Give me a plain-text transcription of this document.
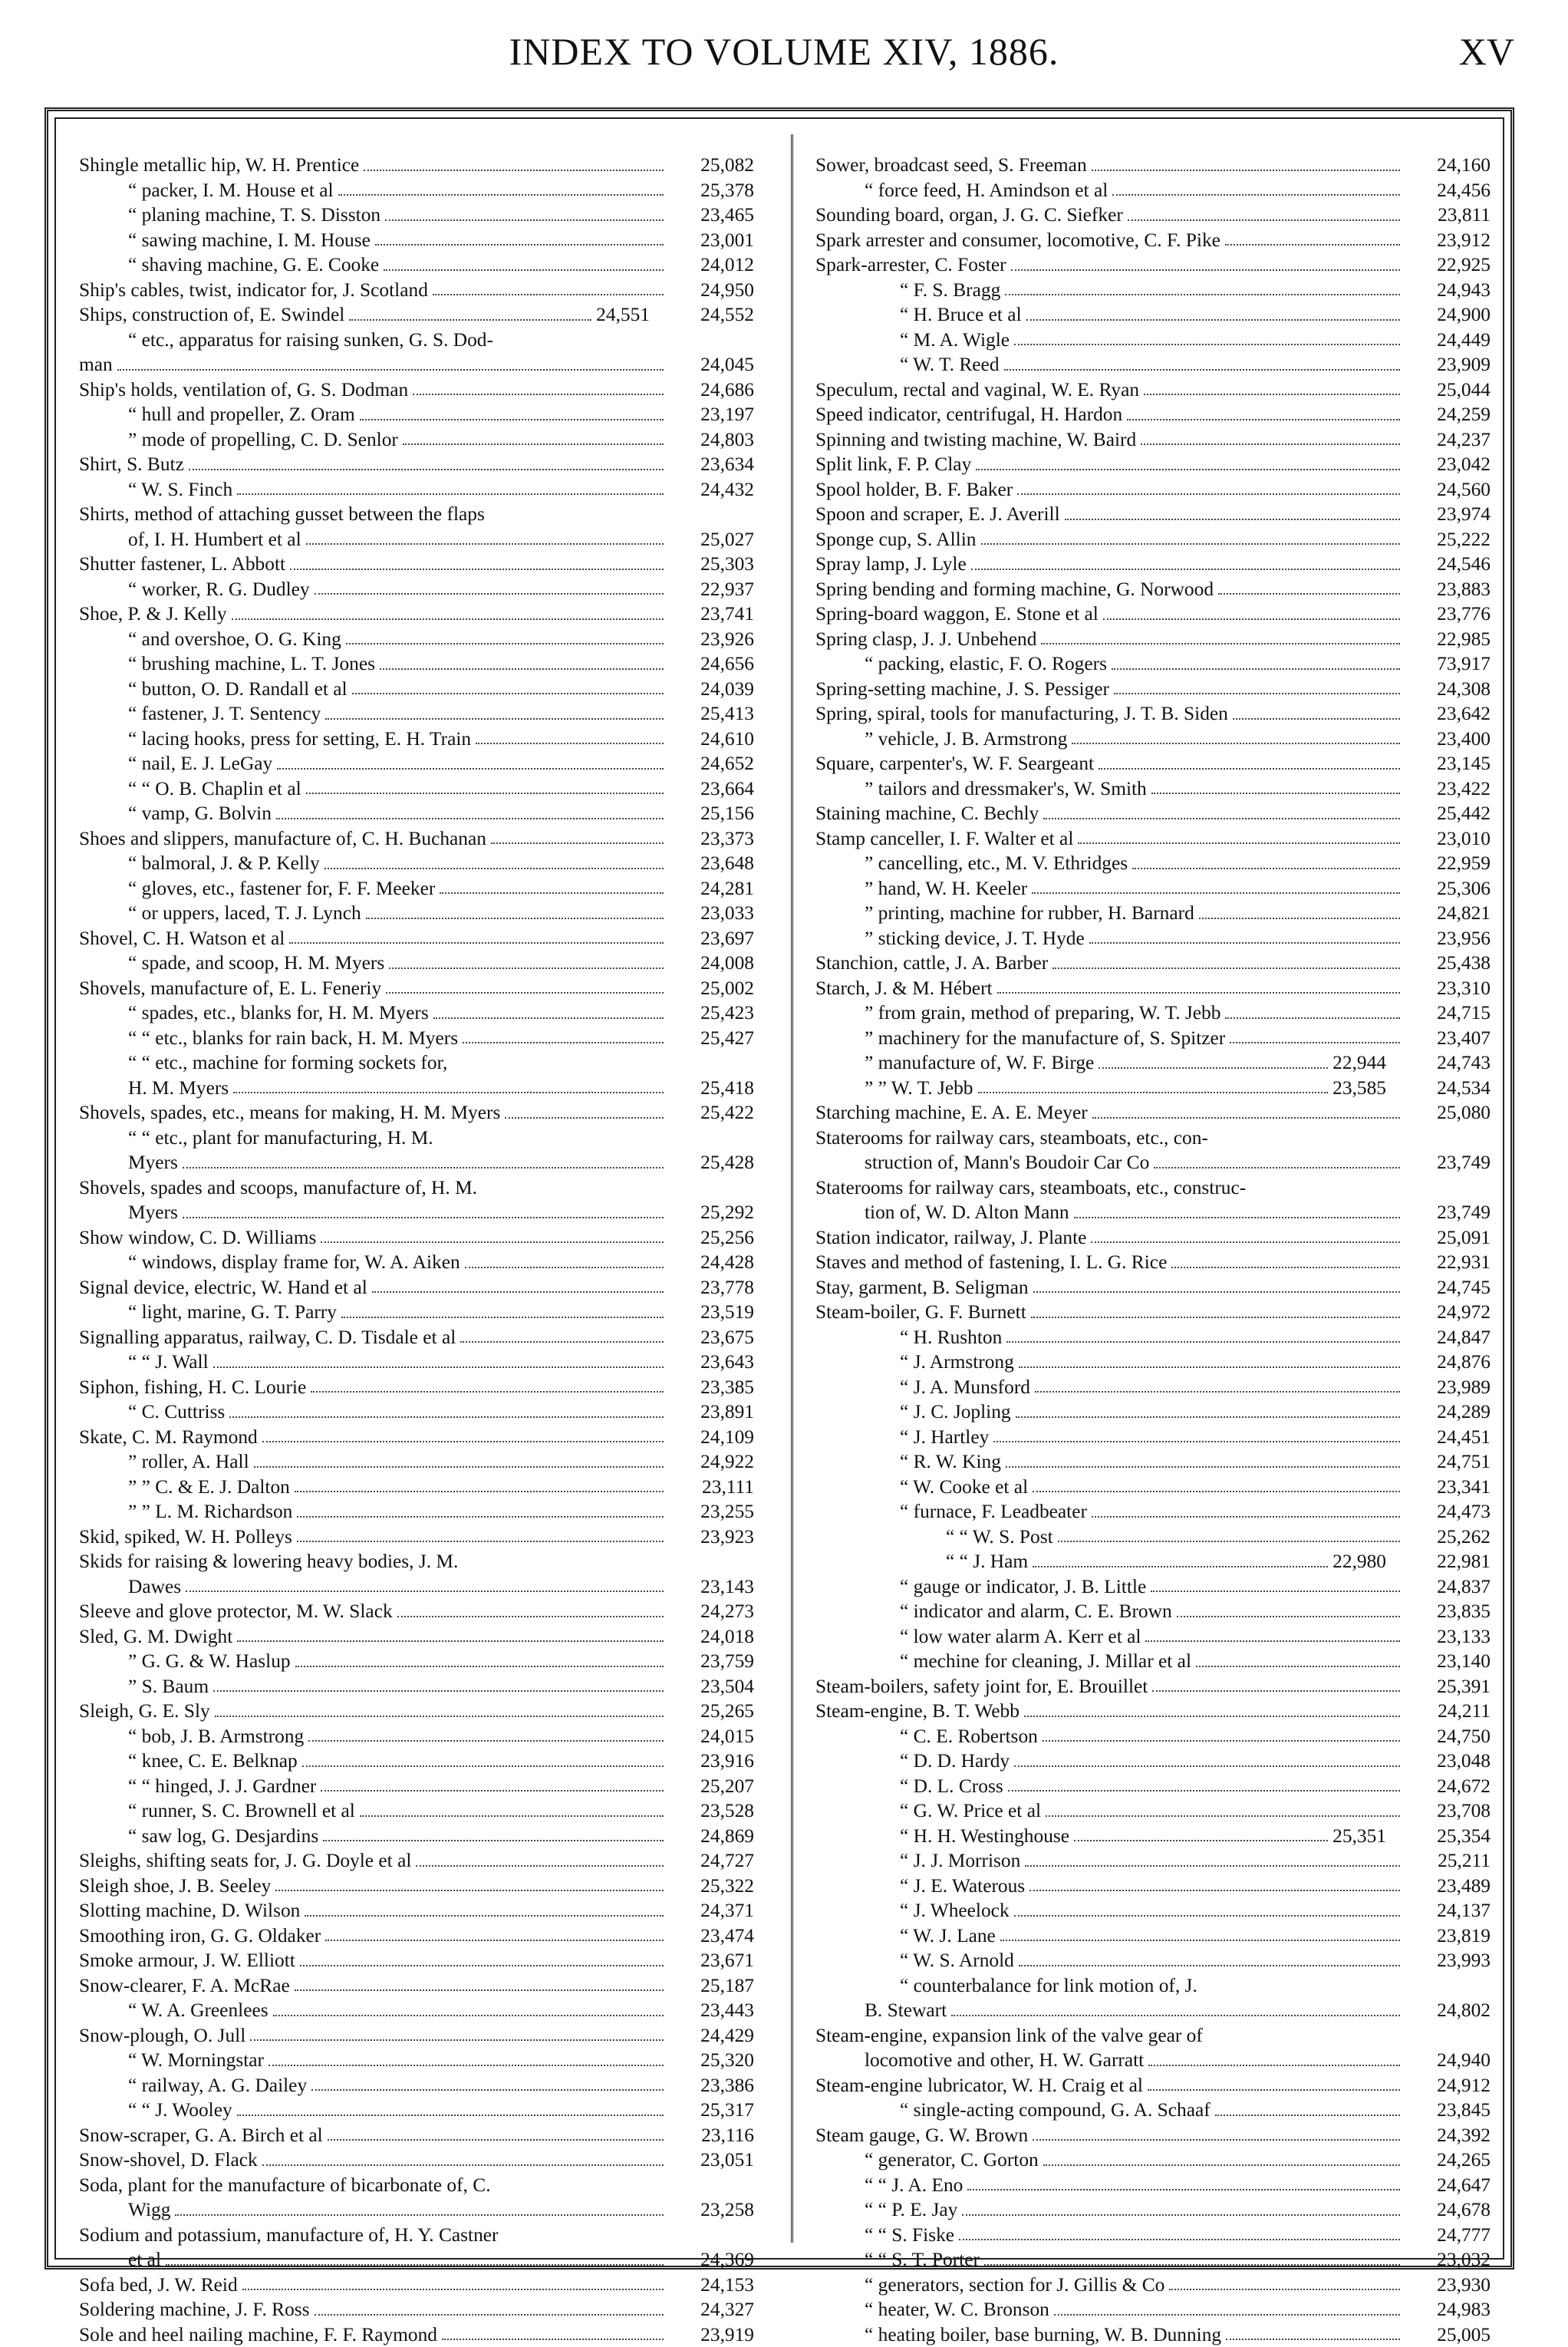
INDEX TO VOLUME XIV, 1886.	XV
Shingle metallic hip, W. H. Prentice	25,082
“ packer, I. M. House et al	25,378
“ planing machine, T. S. Disston	23,465
“ sawing machine, I. M. House	23,001
“ shaving machine, G. E. Cooke	24,012
Ship's cables, twist, indicator for, J. Scotland	24,950
Ships, construction of, E. Swindel	24,551	24,552
“ etc., apparatus for raising sunken, G. S. Dod-
man	24,045
Ship's holds, ventilation of, G. S. Dodman	24,686
“ hull and propeller, Z. Oram	23,197
” mode of propelling, C. D. Senlor	24,803
Shirt, S. Butz	23,634
“ W. S. Finch	24,432
Shirts, method of attaching gusset between the flaps
of, I. H. Humbert et al	25,027
Shutter fastener, L. Abbott	25,303
“ worker, R. G. Dudley	22,937
Shoe, P. & J. Kelly	23,741
“ and overshoe, O. G. King	23,926
“ brushing machine, L. T. Jones	24,656
“ button, O. D. Randall et al	24,039
“ fastener, J. T. Sentency	25,413
“ lacing hooks, press for setting, E. H. Train	24,610
“ nail, E. J. LeGay	24,652
“ “ O. B. Chaplin et al	23,664
“ vamp, G. Bolvin	25,156
Shoes and slippers, manufacture of, C. H. Buchanan	23,373
“ balmoral, J. & P. Kelly	23,648
“ gloves, etc., fastener for, F. F. Meeker	24,281
“ or uppers, laced, T. J. Lynch	23,033
Shovel, C. H. Watson et al	23,697
“ spade, and scoop, H. M. Myers	24,008
Shovels, manufacture of, E. L. Feneriy	25,002
“ spades, etc., blanks for, H. M. Myers	25,423
“ “ etc., blanks for rain back, H. M. Myers	25,427
“ “ etc., machine for forming sockets for,
H. M. Myers	25,418
Shovels, spades, etc., means for making, H. M. Myers	25,422
“ “ etc., plant for manufacturing, H. M.
Myers	25,428
Shovels, spades and scoops, manufacture of, H. M.
Myers	25,292
Show window, C. D. Williams	25,256
“ windows, display frame for, W. A. Aiken	24,428
Signal device, electric, W. Hand et al	23,778
“ light, marine, G. T. Parry	23,519
Signalling apparatus, railway, C. D. Tisdale et al	23,675
“ “ J. Wall	23,643
Siphon, fishing, H. C. Lourie	23,385
“ C. Cuttriss	23,891
Skate, C. M. Raymond	24,109
” roller, A. Hall	24,922
” ” C. & E. J. Dalton	23,111
” ” L. M. Richardson	23,255
Skid, spiked, W. H. Polleys	23,923
Skids for raising & lowering heavy bodies, J. M.
Dawes	23,143
Sleeve and glove protector, M. W. Slack	24,273
Sled, G. M. Dwight	24,018
” G. G. & W. Haslup	23,759
” S. Baum	23,504
Sleigh, G. E. Sly	25,265
“ bob, J. B. Armstrong	24,015
“ knee, C. E. Belknap	23,916
“ “ hinged, J. J. Gardner	25,207
“ runner, S. C. Brownell et al	23,528
“ saw log, G. Desjardins	24,869
Sleighs, shifting seats for, J. G. Doyle et al	24,727
Sleigh shoe, J. B. Seeley	25,322
Slotting machine, D. Wilson	24,371
Smoothing iron, G. G. Oldaker	23,474
Smoke armour, J. W. Elliott	23,671
Snow-clearer, F. A. McRae	25,187
“ W. A. Greenlees	23,443
Snow-plough, O. Jull	24,429
“ W. Morningstar	25,320
“ railway, A. G. Dailey	23,386
“ “ J. Wooley	25,317
Snow-scraper, G. A. Birch et al	23,116
Snow-shovel, D. Flack	23,051
Soda, plant for the manufacture of bicarbonate of, C.
Wigg	23,258
Sodium and potassium, manufacture of, H. Y. Castner
et al	24,369
Sofa bed, J. W. Reid	24,153
Soldering machine, J. F. Ross	24,327
Sole and heel nailing machine, F. F. Raymond	23,919
Sower, broadcast seed, S. Freeman	24,160
“ force feed, H. Amindson et al	24,456
Sounding board, organ, J. G. C. Siefker	23,811
Spark arrester and consumer, locomotive, C. F. Pike	23,912
Spark-arrester, C. Foster	22,925
“ F. S. Bragg	24,943
“ H. Bruce et al	24,900
“ M. A. Wigle	24,449
“ W. T. Reed	23,909
Speculum, rectal and vaginal, W. E. Ryan	25,044
Speed indicator, centrifugal, H. Hardon	24,259
Spinning and twisting machine, W. Baird	24,237
Split link, F. P. Clay	23,042
Spool holder, B. F. Baker	24,560
Spoon and scraper, E. J. Averill	23,974
Sponge cup, S. Allin	25,222
Spray lamp, J. Lyle	24,546
Spring bending and forming machine, G. Norwood	23,883
Spring-board waggon, E. Stone et al	23,776
Spring clasp, J. J. Unbehend	22,985
“ packing, elastic, F. O. Rogers	73,917
Spring-setting machine, J. S. Pessiger	24,308
Spring, spiral, tools for manufacturing, J. T. B. Siden	23,642
” vehicle, J. B. Armstrong	23,400
Square, carpenter's, W. F. Seargeant	23,145
” tailors and dressmaker's, W. Smith	23,422
Staining machine, C. Bechly	25,442
Stamp canceller, I. F. Walter et al	23,010
” cancelling, etc., M. V. Ethridges	22,959
” hand, W. H. Keeler	25,306
” printing, machine for rubber, H. Barnard	24,821
” sticking device, J. T. Hyde	23,956
Stanchion, cattle, J. A. Barber	25,438
Starch, J. & M. Hébert	23,310
” from grain, method of preparing, W. T. Jebb	24,715
” machinery for the manufacture of, S. Spitzer	23,407
” manufacture of, W. F. Birge	22,944	24,743
” ” W. T. Jebb	23,585	24,534
Starching machine, E. A. E. Meyer	25,080
Staterooms for railway cars, steamboats, etc., con-
struction of, Mann's Boudoir Car Co	23,749
Staterooms for railway cars, steamboats, etc., construc-
tion of, W. D. Alton Mann	23,749
Station indicator, railway, J. Plante	25,091
Staves and method of fastening, I. L. G. Rice	22,931
Stay, garment, B. Seligman	24,745
Steam-boiler, G. F. Burnett	24,972
“ H. Rushton	24,847
“ J. Armstrong	24,876
“ J. A. Munsford	23,989
“ J. C. Jopling	24,289
“ J. Hartley	24,451
“ R. W. King	24,751
“ W. Cooke et al	23,341
“ furnace, F. Leadbeater	24,473
“ “ W. S. Post	25,262
“ “ J. Ham	22,980	22,981
“ gauge or indicator, J. B. Little	24,837
“ indicator and alarm, C. E. Brown	23,835
“ low water alarm A. Kerr et al	23,133
“ mechine for cleaning, J. Millar et al	23,140
Steam-boilers, safety joint for, E. Brouillet	25,391
Steam-engine, B. T. Webb	24,211
“ C. E. Robertson	24,750
“ D. D. Hardy	23,048
“ D. L. Cross	24,672
“ G. W. Price et al	23,708
“ H. H. Westinghouse	25,351	25,354
“ J. J. Morrison	25,211
“ J. E. Waterous	23,489
“ J. Wheelock	24,137
“ W. J. Lane	23,819
“ W. S. Arnold	23,993
“ counterbalance for link motion of, J.
B. Stewart	24,802
Steam-engine, expansion link of the valve gear of
locomotive and other, H. W. Garratt	24,940
Steam-engine lubricator, W. H. Craig et al	24,912
“ single-acting compound, G. A. Schaaf	23,845
Steam gauge, G. W. Brown	24,392
“ generator, C. Gorton	24,265
“ “ J. A. Eno	24,647
“ “ P. E. Jay	24,678
“ “ S. Fiske	24,777
“ “ S. T. Porter	23,032
“ generators, section for J. Gillis & Co	23,930
“ heater, W. C. Bronson	24,983
“ heating boiler, base burning, W. B. Dunning	25,005
